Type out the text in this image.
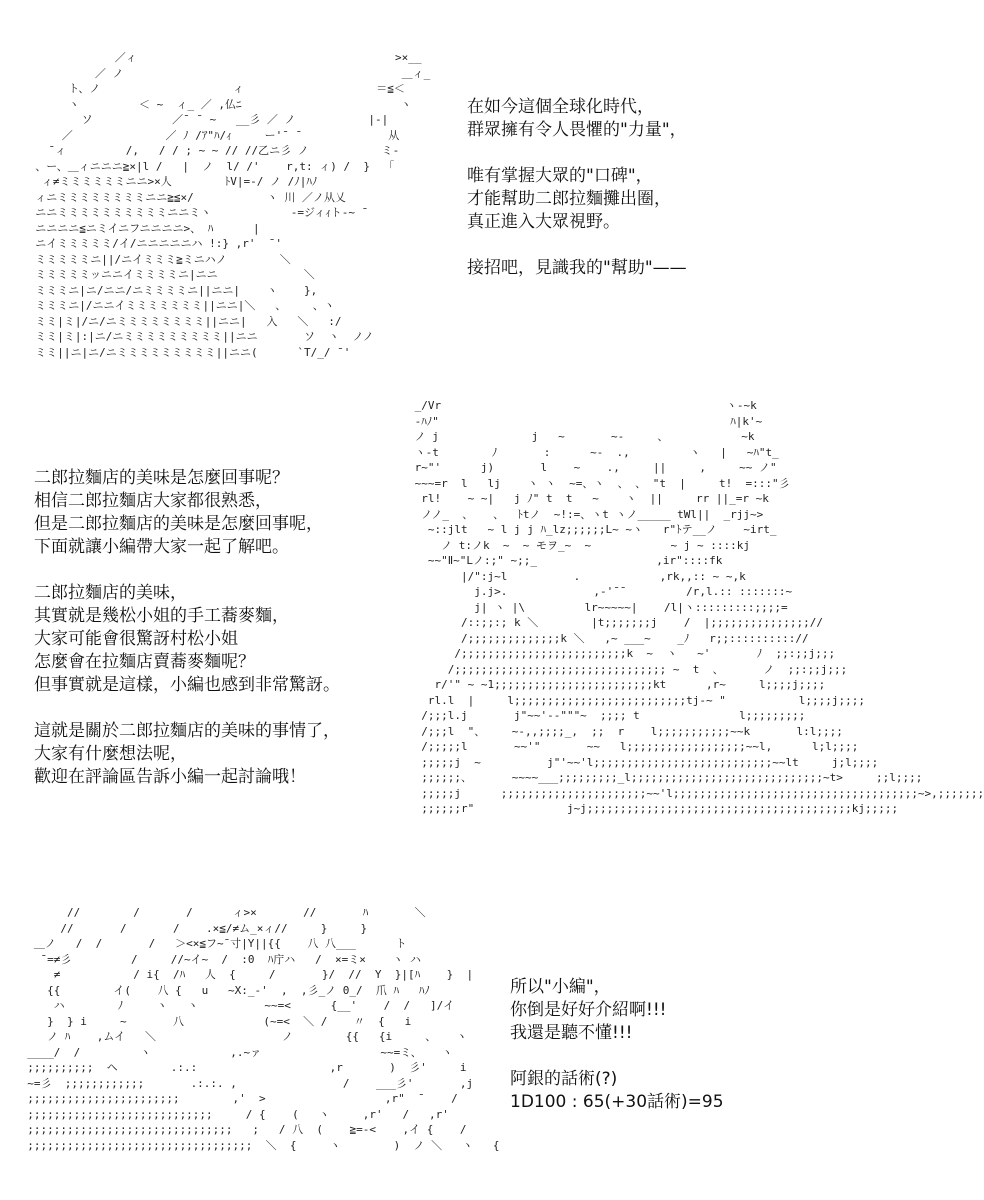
／ィ                                       >×__
／ ノ                                          ＿ィ_
ト、ノ                    ィ                    ＝≦＜
ヽ         ＜ ~  ィ_ ／ ,仏ﾆ                        ヽ
ソ            ／¯ ¯ ~   __彡 ／ ノ           |-|
／              ／ ﾉ /ｱ"ﾊ/ｨ     ー'¯ ¯             从
¯ィ         /,   / / ; ~ ~ // //乙ニ彡 ノ           ミ-
、ー、＿ィニニニ≧×|l /   |  ノ  l/ /'    r,t: ィ) /  }  「
ィ≠ミミミミミミニニ>×人        ﾄV|=-/ ノ /ﾉ|ﾊﾉ
ィニミミミミミミミミニニ≧≦×/           ヽ 川 ／ノ从乂
ニニミミミミミミミミミミニニミヽ            -=ジィｨト-~ ¯
ニニニニ≦ニミイニフニニニニ>、 ﾊ      |
ニイミミミミミ/イ/ニニニニニハ !:} ,r'  ¯'
ミミミミミニ||/ニイミミミ≧ミニハノ        ＼
ミミミミミッニニイミミミミニ|ニニ             ＼
ミミミニ|ニ/ニニ/ニミミミミニ||ニニ|    ヽ    },
ミミミニ|/ニニイミミミミミミミ||ニニ|＼   、    、ヽ
ミミ|ミ|/ニ/ニミミミミミミミミ||ニニ|   入   ＼   :/
ミミ|ミ|:|ニ/ニミミミミミミミミミ||ニニ       ソ  ヽ  ノノ
ミミ||ニ|ニ/ニミミミミミミミミミ||ニニ(      `T/_/ ¯'

_/Vr                                           ヽ-~k
‐ﾊﾉ"                                            ﾊ|k'~
ノ j              j   ~       ~-     、           ~k
ヽ-t        ﾉ       :      ~-  .,         ヽ   |   ~ﾊ"t_
r~"'      j)       l    ~    .,     ||     ,     ~~ ノ"
~~~=r  l   lj    ヽ ヽ  ~=、ヽ  、 、 "t  |     t!  =:::"彡
rl!    ~ ~|   j ﾉ" t  t   ~    ヽ  ||     rr ||_=r ~k
ノノ_  、   、  ﾄtノ  ~!:=、ヽt ヽノ_____ tWl||  _rjj~>
~::jlt   ~ l j j ﾊ_lz;;;;;;L~ ~ヽ   r"ﾄテ__ノ    ~irt_
ノ t:ノk  ~  ~ モヲ_~  ~            ~ j ~ ::::kj
~~"Ⅱ~"Lノ:;" ~;;_                  ,ir"::::fk
|/":j~l          .            ,rk,,:: ~ ~,k
j.j>.             ,-'¯¯         /r,l.:: :::::::~
j| ヽ |\         lr~~~~~|    /l|ヽ:::::::::;;;;=
/::;;:; k ＼        |t;;;;;;;j    /  |;;;;;;;;;;;;;;;//
/;;;;;;;;;;;;;;k ＼   ,~ ___~    _ﾉ   r;;:::::::::://
/;;;;;;;;;;;;;;;;;;;;;;;;;k  ~  ヽ   ~'       ﾉ  ;;:;;j;;;
/;;;;;;;;;;;;;;;;;;;;;;;;;;;;;;;; ~  t  、      ノ  ;;:;;j;;;
r/'" ~ ~1;;;;;;;;;;;;;;;;;;;;;;;;kt      ,r~     l;;;;j;;;;
rl.l  |     l;;;;;;;;;;;;;;;;;;;;;;;;;;tj-~ "           l;;;;j;;;;
/;;;l.j       j"~~'--"""~  ;;;; t               l;;;;;;;;;
/;;;l  "、    ~-,,;;;;_,  ;;  r    l;;;;;;;;;;;~~k       l:l;;;;
/;;;;;l       ~~'"       ~~   l;;;;;;;;;;;;;;;;;;~~l,      l;l;;;;
;;;;;j  ~          j"'~~'l;;;;;;;;;;;;;;;;;;;;;;;;;;;~~lt     j;l;;;;
;;;;;;、      ~~~~___;;;;;;;;;_l;;;;;;;;;;;;;;;;;;;;;;;;;;;;;~t>     ;;l;;;;
;;;;;j      ;;;;;;;;;;;;;;;;;;;;;;~~'l;;;;;;;;;;;;;;;;;;;;;;;;;;;;;;;;;;;;;~>,;;;;;;;
;;;;;;r"              j~j;;;;;;;;;;;;;;;;;;;;;;;;;;;;;;;;;;;;;;;;kj;;;;;

//        /       /      ィ>×       //       ﾊ       ＼
//       /       /    .×≦/≠ム_×ィ//     }     }
＿ノ   /  /       /   ＞<×≦フ~¯寸|Y||{{    八 八___      ト
¯=≠彡         /     //~イ~  /  :0  ﾊ庁ハ   /  ×=ミ×    ヽ ハ
≠           / i{  /ﾊ   人  {     /       }/  //  Y  }|[ﾊ    }  |
{{        イ(    八 {   u   ~X:_-'  ,  ,彡_ノ 0_/  爪 ﾊ   ﾊﾉ
ハ        ﾉ     ヽ   ヽ          ~~=<      {__'    /  /   ]/イ
}  } i     ~       八            (~=<  ＼ /    〃  {   i
ノ ﾊ    ,ムイ   ＼                   ノ        {{   {i     、   ヽ
____/  /         ヽ            ,.~ァ                  ~~=ミ、   ヽ
;;;;;;;;;;  ヘ        .:.:                    ,r       )  彡'     i
~=彡  ;;;;;;;;;;;;       .:.:. ,                /    ___彡'       ,j
;;;;;;;;;;;;;;;;;;;;;;;        ,'  >                  ,r"  ¯    /
;;;;;;;;;;;;;;;;;;;;;;;;;;;;     / {    (   ヽ     ,r'   /   ,r'
;;;;;;;;;;;;;;;;;;;;;;;;;;;;;;;   ;   / 八  (    ≧=-<    ,イ {    /
;;;;;;;;;;;;;;;;;;;;;;;;;;;;;;;;;;  ＼  {     ヽ        )  ノ ＼   ヽ   {

在如今這個全球化時代，
群眾擁有令人畏懼的"力量"，
唯有掌握大眾的"口碑"，
才能幫助二郎拉麵攤出圈，
真正進入大眾視野。
接招吧，見識我的"幫助"——
二郎拉麵店的美味是怎麼回事呢？
相信二郎拉麵店大家都很熟悉，
但是二郎拉麵店的美味是怎麼回事呢，
下面就讓小編帶大家一起了解吧。
二郎拉麵店的美味，
其實就是幾松小姐的手工蕎麥麵，
大家可能會很驚訝村松小姐
怎麼會在拉麵店賣蕎麥麵呢？
但事實就是這樣，小編也感到非常驚訝。
這就是關於二郎拉麵店的美味的事情了，
大家有什麼想法呢，
歡迎在評論區告訴小編一起討論哦！
所以"小編"，
你倒是好好介紹啊!!!
我還是聽不懂!!!
阿銀的話術(?)
1D100 : 65(+30話術)=95
